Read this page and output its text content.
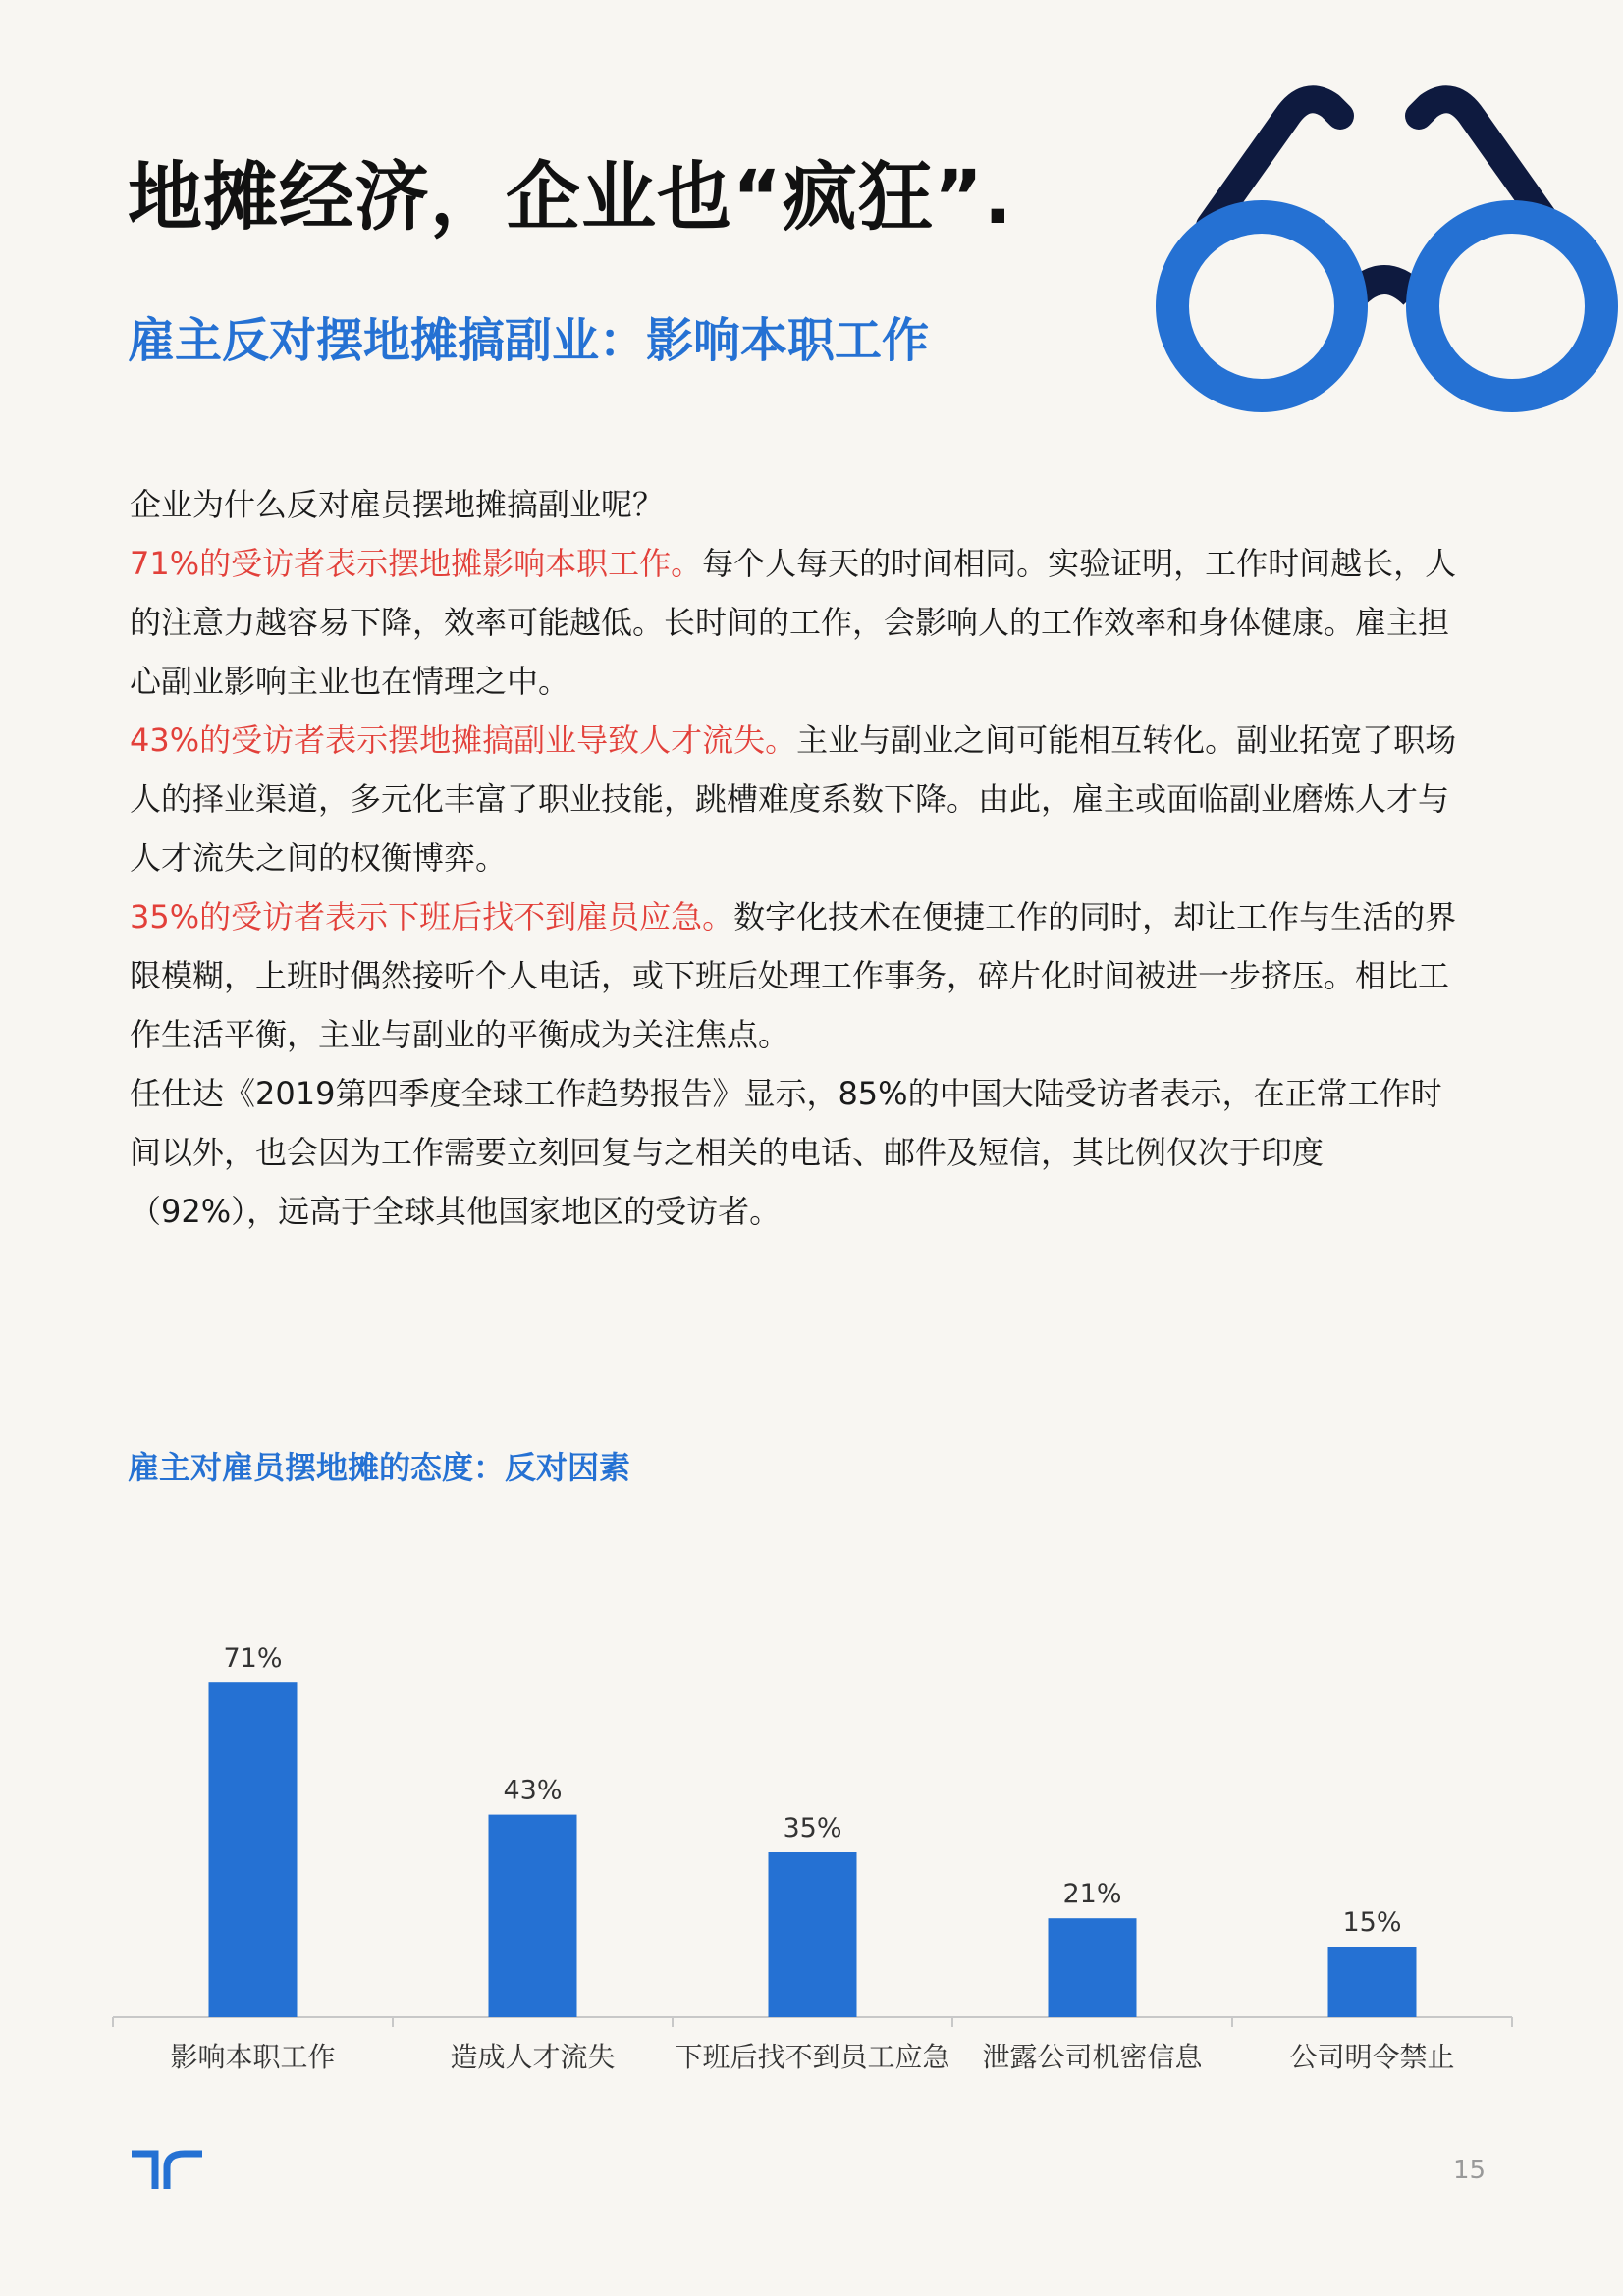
地摊经济，企业也“疯狂”.
雇主反对摆地摊搞副业：影响本职工作

企业为什么反对雇员摆地摊搞副业呢？

71%的受访者表示摆地摊影响本职工作。每个人每天的时间相同。实验证明，工作时间越长，人的注意力越容易下降，效率可能越低。长时间的工作，会影响人的工作效率和身体健康。雇主担心副业影响主业也在情理之中。

43%的受访者表示摆地摊搞副业导致人才流失。主业与副业之间可能相互转化。副业拓宽了职场人的择业渠道，多元化丰富了职业技能，跳槽难度系数下降。由此，雇主或面临副业磨炼人才与人才流失之间的权衡博弈。

35%的受访者表示下班后找不到雇员应急。数字化技术在便捷工作的同时，却让工作与生活的界限模糊，上班时偶然接听个人电话，或下班后处理工作事务，碎片化时间被进一步挤压。相比工作生活平衡，主业与副业的平衡成为关注焦点。

任仕达《2019第四季度全球工作趋势报告》显示，85%的中国大陆受访者表示，在正常工作时间以外，也会因为工作需要立刻回复与之相关的电话、邮件及短信，其比例仅次于印度（92%），远高于全球其他国家地区的受访者。

雇主对雇员摆地摊的态度：反对因素
71%
影响本职工作
43%
造成人才流失
35%
下班后找不到员工应急
21%
泄露公司机密信息
15%
公司明令禁止
15
